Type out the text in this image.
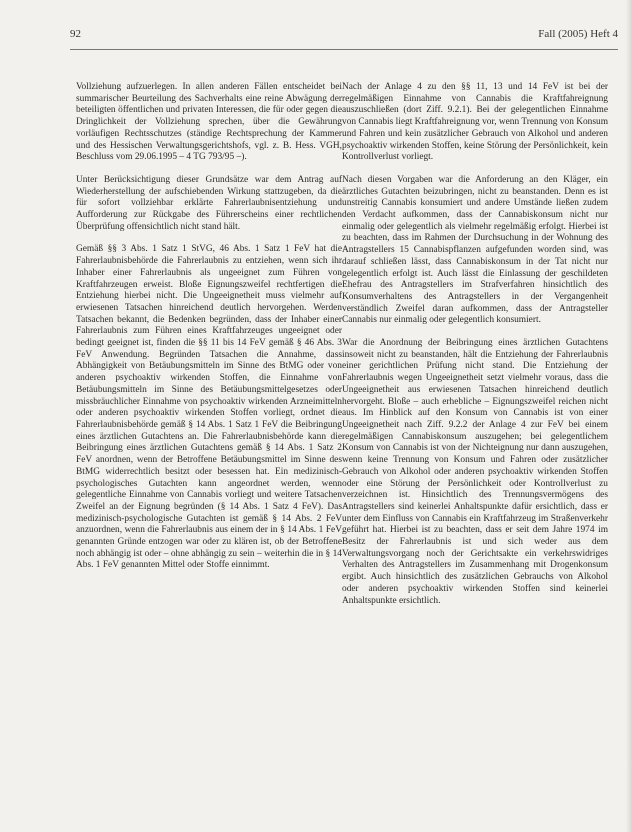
92	Fall (2005) Heft 4

Vollziehung aufzuerlegen. In allen anderen Fällen entscheidet bei summarischer Beurteilung des Sachverhalts eine reine Abwägung der beteiligten öffentlichen und privaten Interessen, die für oder gegen die Dringlichkeit der Vollziehung sprechen, über die Gewährung vorläufigen Rechtsschutzes (ständige Rechtsprechung der Kammer und des Hessischen Verwaltungsgerichtshofs, vgl. z. B. Hess. VGH, Beschluss vom 29.06.1995 – 4 TG 793/95 –).

Unter Berücksichtigung dieser Grundsätze war dem Antrag auf Wiederherstellung der aufschiebenden Wirkung stattzugeben, da die für sofort vollziehbar erklärte Fahrerlaubnisentziehung und Aufforderung zur Rückgabe des Führerscheins einer rechtlichen Überprüfung offensichtlich nicht stand hält.

Gemäß §§ 3 Abs. 1 Satz 1 StVG, 46 Abs. 1 Satz 1 FeV hat die Fahrerlaubnisbehörde die Fahrerlaubnis zu entziehen, wenn sich ihr Inhaber einer Fahrerlaubnis als ungeeignet zum Führen von Kraftfahrzeugen erweist. Bloße Eignungszweifel rechtfertigen die Entziehung hierbei nicht. Die Ungeeignetheit muss vielmehr auf erwiesenen Tatsachen hinreichend deutlich hervorgehen. Werden Tatsachen bekannt, die Bedenken begründen, dass der Inhaber einer Fahrerlaubnis zum Führen eines Kraftfahrzeuges ungeeignet oder bedingt geeignet ist, finden die §§ 11 bis 14 FeV gemäß § 46 Abs. 3 FeV Anwendung. Begründen Tatsachen die Annahme, dass Abhängigkeit von Betäubungsmitteln im Sinne des BtMG oder von anderen psychoaktiv wirkenden Stoffen, die Einnahme von Betäubungsmitteln im Sinne des Betäubungsmittelgesetzes oder missbräuchlicher Einnahme von psychoaktiv wirkenden Arzneimitteln oder anderen psychoaktiv wirkenden Stoffen vorliegt, ordnet die Fahrerlaubnisbehörde gemäß § 14 Abs. 1 Satz 1 FeV die Beibringung eines ärztlichen Gutachtens an. Die Fahrerlaubnisbehörde kann die Beibringung eines ärztlichen Gutachtens gemäß § 14 Abs. 1 Satz 2 FeV anordnen, wenn der Betroffene Betäubungsmittel im Sinne des BtMG widerrechtlich besitzt oder besessen hat. Ein medizinisch-psychologisches Gutachten kann angeordnet werden, wenn gelegentliche Einnahme von Cannabis vorliegt und weitere Tatsachen Zweifel an der Eignung begründen (§ 14 Abs. 1 Satz 4 FeV). Das medizinisch-psychologische Gutachten ist gemäß § 14 Abs. 2 FeV anzuordnen, wenn die Fahrerlaubnis aus einem der in § 14 Abs. 1 FeV genannten Gründe entzogen war oder zu klären ist, ob der Betroffene noch abhängig ist oder – ohne abhängig zu sein – weiterhin die in § 14 Abs. 1 FeV genannten Mittel oder Stoffe einnimmt.

Nach der Anlage 4 zu den §§ 11, 13 und 14 FeV ist bei der regelmäßigen Einnahme von Cannabis die Kraftfahreignung auszuschließen (dort Ziff. 9.2.1). Bei der gelegentlichen Einnahme von Cannabis liegt Kraftfahreignung vor, wenn Trennung von Konsum und Fahren und kein zusätzlicher Gebrauch von Alkohol und anderen psychoaktiv wirkenden Stoffen, keine Störung der Persönlichkeit, kein Kontrollverlust vorliegt.

Nach diesen Vorgaben war die Anforderung an den Kläger, ein ärztliches Gutachten beizubringen, nicht zu beanstanden. Denn es ist unstreitig Cannabis konsumiert und andere Umstände ließen zudem den Verdacht aufkommen, dass der Cannabiskonsum nicht nur einmalig oder gelegentlich als vielmehr regelmäßig erfolgt. Hierbei ist zu beachten, dass im Rahmen der Durchsuchung in der Wohnung des Antragstellers 15 Cannabispflanzen aufgefunden worden sind, was darauf schließen lässt, dass Cannabiskonsum in der Tat nicht nur gelegentlich erfolgt ist. Auch lässt die Einlassung der geschildeten Ehefrau des Antragstellers im Strafverfahren hinsichtlich des Konsumverhaltens des Antragstellers in der Vergangenheit verständlich Zweifel daran aufkommen, dass der Antragsteller Cannabis nur einmalig oder gelegentlich konsumiert.

War die Anordnung der Beibringung eines ärztlichen Gutachtens insoweit nicht zu beanstanden, hält die Entziehung der Fahrerlaubnis einer gerichtlichen Prüfung nicht stand. Die Entziehung der Fahrerlaubnis wegen Ungeeignetheit setzt vielmehr voraus, dass die Ungeeignetheit aus erwiesenen Tatsachen hinreichend deutlich hervorgeht. Bloße – auch erhebliche – Eignungszweifel reichen nicht aus. Im Hinblick auf den Konsum von Cannabis ist von einer Ungeeignetheit nach Ziff. 9.2.2 der Anlage 4 zur FeV bei einem regelmäßigen Cannabiskonsum auszugehen; bei gelegentlichem Konsum von Cannabis ist von der Nichteignung nur dann auszugehen, wenn keine Trennung von Konsum und Fahren oder zusätzlicher Gebrauch von Alkohol oder anderen psychoaktiv wirkenden Stoffen oder eine Störung der Persönlichkeit oder Kontrollverlust zu verzeichnen ist. Hinsichtlich des Trennungsvermögens des Antragstellers sind keinerlei Anhaltspunkte dafür ersichtlich, dass er unter dem Einfluss von Cannabis ein Kraftfahrzeug im Straßenverkehr geführt hat. Hierbei ist zu beachten, dass er seit dem Jahre 1974 im Besitz der Fahrerlaubnis ist und sich weder aus dem Verwaltungsvorgang noch der Gerichtsakte ein verkehrswidriges Verhalten des Antragstellers im Zusammenhang mit Drogenkonsum ergibt. Auch hinsichtlich des zusätzlichen Gebrauchs von Alkohol oder anderen psychoaktiv wirkenden Stoffen sind keinerlei Anhaltspunkte ersichtlich.
